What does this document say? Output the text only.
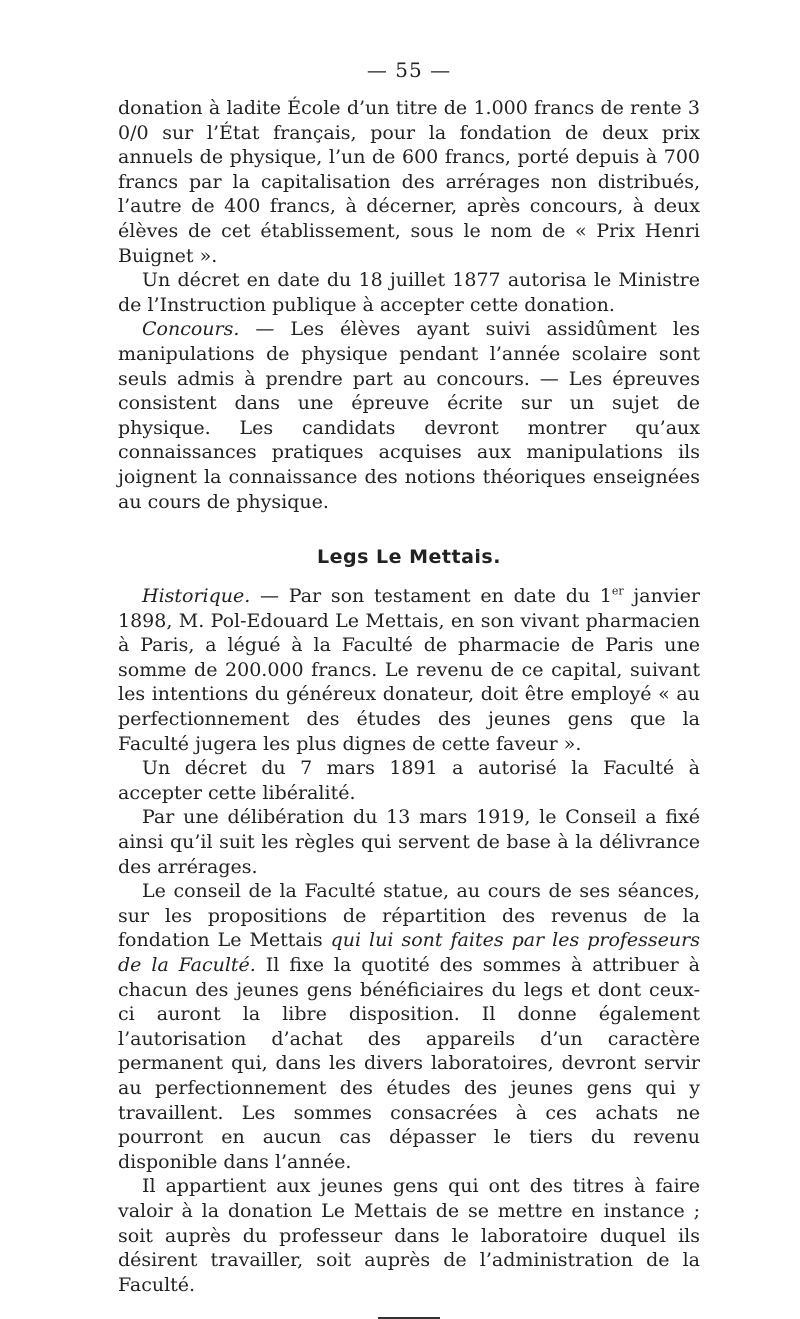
— 55 —

donation à ladite École d’un titre de 1.000 francs de rente 3 0/0 sur l’État français, pour la fondation de deux prix annuels de physique, l’un de 600 francs, porté depuis à 700 francs par la capitalisation des arrérages non distribués, l’autre de 400 francs, à décerner, après concours, à deux élèves de cet établissement, sous le nom de « Prix Henri Buignet ».

Un décret en date du 18 juillet 1877 autorisa le Ministre de l’Instruction publique à accepter cette donation.

Concours. — Les élèves ayant suivi assidûment les manipulations de physique pendant l’année scolaire sont seuls admis à prendre part au concours. — Les épreuves consistent dans une épreuve écrite sur un sujet de physique. Les candidats devront montrer qu’aux connaissances pratiques acquises aux manipulations ils joignent la connaissance des notions théoriques enseignées au cours de physique.

Legs Le Mettais.

Historique. — Par son testament en date du 1er janvier 1898, M. Pol-Edouard Le Mettais, en son vivant pharmacien à Paris, a légué à la Faculté de pharmacie de Paris une somme de 200.000 francs. Le revenu de ce capital, suivant les intentions du généreux donateur, doit être employé « au perfectionnement des études des jeunes gens que la Faculté jugera les plus dignes de cette faveur ».

Un décret du 7 mars 1891 a autorisé la Faculté à accepter cette libéralité.

Par une délibération du 13 mars 1919, le Conseil a fixé ainsi qu’il suit les règles qui servent de base à la délivrance des arrérages.

Le conseil de la Faculté statue, au cours de ses séances, sur les propositions de répartition des revenus de la fondation Le Mettais qui lui sont faites par les professeurs de la Faculté. Il fixe la quotité des sommes à attribuer à chacun des jeunes gens bénéficiaires du legs et dont ceux-ci auront la libre disposition. Il donne également l’autorisation d’achat des appareils d’un caractère permanent qui, dans les divers laboratoires, devront servir au perfectionnement des études des jeunes gens qui y travaillent. Les sommes consacrées à ces achats ne pourront en aucun cas dépasser le tiers du revenu disponible dans l’année.

Il appartient aux jeunes gens qui ont des titres à faire valoir à la donation Le Mettais de se mettre en instance ; soit auprès du professeur dans le laboratoire duquel ils désirent travailler, soit auprès de l’administration de la Faculté.
